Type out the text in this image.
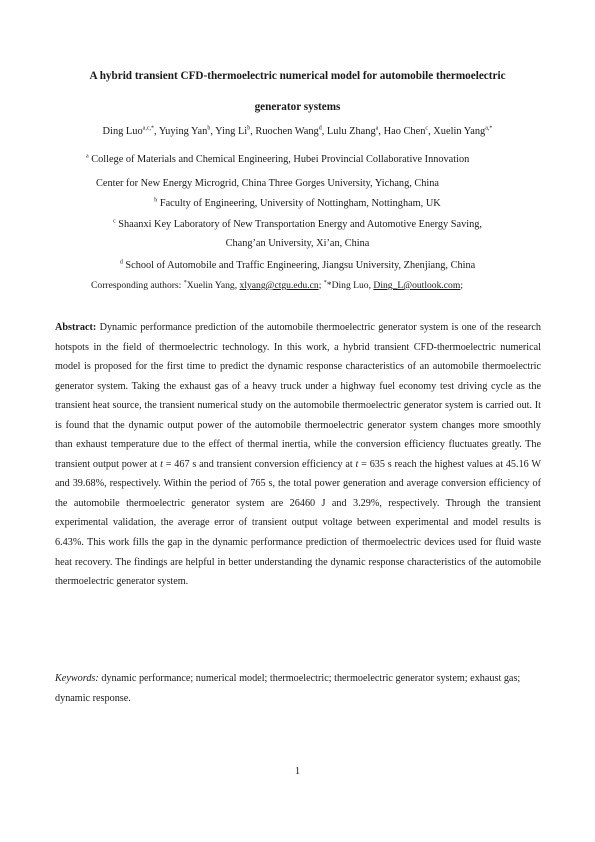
A hybrid transient CFD-thermoelectric numerical model for automobile thermoelectric
generator systems
Ding Luo$^{a,c,*}$, Yuying Yan$^b$, Ying Li$^b$, Ruochen Wang$^d$, Lulu Zhang$^a$, Hao Chen$^c$, Xuelin Yang$^{a,*}$
$^a$ College of Materials and Chemical Engineering, Hubei Provincial Collaborative Innovation
Center for New Energy Microgrid, China Three Gorges University, Yichang, China
$^b$ Faculty of Engineering, University of Nottingham, Nottingham, UK
$^c$ Shaanxi Key Laboratory of New Transportation Energy and Automotive Energy Saving,
Chang’an University, Xi’an, China
$^d$ School of Automobile and Traffic Engineering, Jiangsu University, Zhenjiang, China
Corresponding authors: *Xuelin Yang, xlyang@ctgu.edu.cn; **Ding Luo, Ding_L@outlook.com;

Abstract: Dynamic performance prediction of the automobile thermoelectric generator system is one of the research hotspots in the field of thermoelectric technology. In this work, a hybrid transient CFD-thermoelectric numerical model is proposed for the first time to predict the dynamic response characteristics of an automobile thermoelectric generator system. Taking the exhaust gas of a heavy truck under a highway fuel economy test driving cycle as the transient heat source, the transient numerical study on the automobile thermoelectric generator system is carried out. It is found that the dynamic output power of the automobile thermoelectric generator system changes more smoothly than exhaust temperature due to the effect of thermal inertia, while the conversion efficiency fluctuates greatly. The transient output power at t = 467 s and transient conversion efficiency at t = 635 s reach the highest values at 45.16 W and 39.68%, respectively. Within the period of 765 s, the total power generation and average conversion efficiency of the automobile thermoelectric generator system are 26460 J and 3.29%, respectively. Through the transient experimental validation, the average error of transient output voltage between experimental and model results is 6.43%. This work fills the gap in the dynamic performance prediction of thermoelectric devices used for fluid waste heat recovery. The findings are helpful in better understanding the dynamic response characteristics of the automobile thermoelectric generator system.

Keywords: dynamic performance; numerical model; thermoelectric; thermoelectric generator system; exhaust gas; dynamic response.

1
